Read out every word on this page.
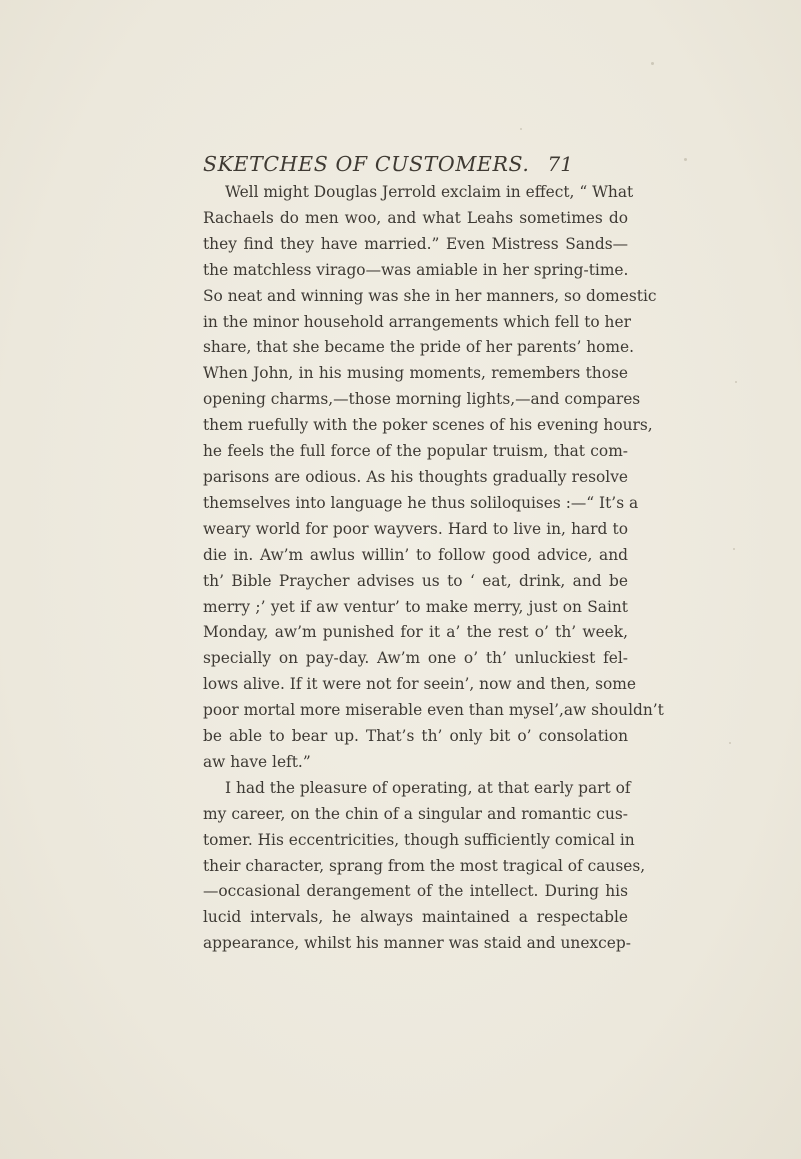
SKETCHES OF CUSTOMERS. 71

Well might Douglas Jerrold exclaim in effect, “ What
Rachaels do men woo, and what Leahs sometimes do
they find they have married.” Even Mistress Sands—
the matchless virago—was amiable in her spring-time.
So neat and winning was she in her manners, so domestic
in the minor household arrangements which fell to her
share, that she became the pride of her parents’ home.
When John, in his musing moments, remembers those
opening charms,—those morning lights,—and compares
them ruefully with the poker scenes of his evening hours,
he feels the full force of the popular truism, that com-
parisons are odious. As his thoughts gradually resolve
themselves into language he thus soliloquises :—“ It’s a
weary world for poor wayvers. Hard to live in, hard to
die in. Aw’m awlus willin’ to follow good advice, and
th’ Bible Praycher advises us to ‘ eat, drink, and be
merry ;’ yet if aw ventur’ to make merry, just on Saint
Monday, aw’m punished for it a’ the rest o’ th’ week,
specially on pay-day. Aw’m one o’ th’ unluckiest fel-
lows alive. If it were not for seein’, now and then, some
poor mortal more miserable even than mysel’,aw shouldn’t
be able to bear up. That’s th’ only bit o’ consolation
aw have left.”

I had the pleasure of operating, at that early part of
my career, on the chin of a singular and romantic cus-
tomer. His eccentricities, though sufficiently comical in
their character, sprang from the most tragical of causes,
—occasional derangement of the intellect. During his
lucid intervals, he always maintained a respectable
appearance, whilst his manner was staid and unexcep-
